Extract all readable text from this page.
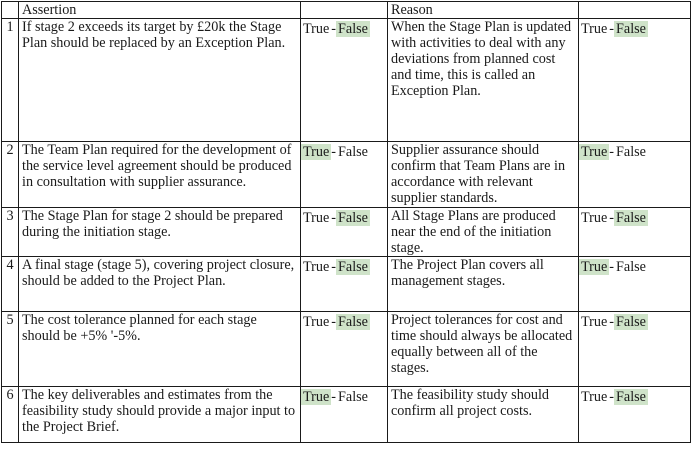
	Assertion		Reason	
1	If stage 2 exceeds its target by £20k the Stage Plan should be replaced by an Exception Plan.	True - False	When the Stage Plan is updated with activities to deal with any deviations from planned cost and time, this is called an Exception Plan.	True - False
2	The Team Plan required for the development of the service level agreement should be produced in consultation with supplier assurance.	True - False	Supplier assurance should confirm that Team Plans are in accordance with relevant supplier standards.	True - False
3	The Stage Plan for stage 2 should be prepared during the initiation stage.	True - False	All Stage Plans are produced near the end of the initiation stage.	True - False
4	A final stage (stage 5), covering project closure, should be added to the Project Plan.	True - False	The Project Plan covers all management stages.	True - False
5	The cost tolerance planned for each stage should be +5% '-5%.	True - False	Project tolerances for cost and time should always be allocated equally between all of the stages.	True - False
6	The key deliverables and estimates from the feasibility study should provide a major input to the Project Brief.	True - False	The feasibility study should confirm all project costs.	True - False
